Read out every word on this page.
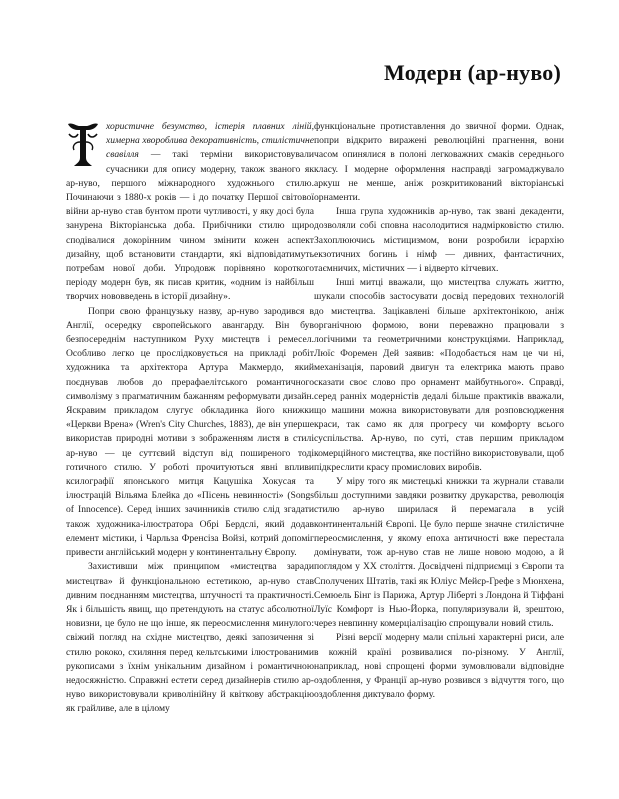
Модерн (ар-нуво)

хористичне безумство, істерія плавних ліній, химерна хвороблива декоративність, стилістичне свавілля — такі терміни використовували сучасники для опису модерну, також званого як ар-нуво, першого міжнародного художнього стилю. Починаючи з 1880-х років — і до початку Першої світової війни ар-нуво став бунтом проти чутливості, у яку досі була занурена Вікторіанська доба. Прибічники стилю щиро сподівалися докорінним чином змінити кожен аспект дизайну, щоб встановити стандарти, які відповідатимуть потребам нової доби. Упродовж порівняно короткого періоду модерн був, як писав критик, «одним із найбільш творчих нововведень в історії дизайну».

Попри свою французьку назву, ар-нуво зародився в Англії, осередку європейського авангарду. Він був безпосереднім наступником Руху мистецтв і ремесел. Особливо легко це прослідковується на прикладі робіт художника та архітектора Артура Макмердо, який поєднував любов до прерафаелітського романтичного символізму з прагматичним бажанням реформувати дизайн. Яскравим прикладом слугує обкладинка його книжки «Церкви Врена» (Wren's City Churches, 1883), де він уперше використав природні мотиви з зображенням листя в стилі ар-нуво — це суттєвий відступ від поширеного тоді готичного стилю. У роботі прочитуються явні впливи ксилографії японського митця Кацушіка Хокусая та ілюстрацій Вільяма Блейка до «Пісень невинності» (Songs of Innocence). Серед інших зачинників стилю слід згадати також художника-ілюстратора Обрі Бердслі, який додав елемент містики, і Чарльза Френсіза Войзі, котрий допоміг привести англійський модерн у континентальну Європу.

Захистивши між принципом «мистецтва заради мистецтва» й функціональною естетикою, ар-нуво став дивним поєднанням мистецтва, штучності та практичності. Як і більшість явищ, що претендують на статус абсолютної новизни, це було не що інше, як переосмислення минулого: свіжий погляд на східне мистецтво, деякі запозичення зі стилю рококо, схиляння перед кельтськими ілюстрованими рукописами з їхнім унікальним дизайном і романтичною недосяжністю. Справжні естети серед дизайнерів стилю ар-нуво використовували криволінійну й квіткову абстракцію як грайливе, але в цілому

функціональне протиставлення до звичної форми. Однак, попри відкрито виражені революційні прагнення, вони часом опинялися в полоні легковажних смаків середнього класу. І модерне оформлення насправді загромаджувало аркуш не менше, аніж розкритикований вікторіанські орнаменти.

Інша група художників ар-нуво, так звані декаденти, дозволяли собі сповна насолодитися надмірковістю стилю. Захоплюючись містицизмом, вони розробили ієрархію екзотичних богинь і німф — дивних, фантастичних, таємничих, містичних — і відверто кітчевих.

Інші митці вважали, що мистецтва служать життю, шукали способів застосувати досвід передових технологій до мистецтва. Зацікавлені більше архітектонікою, аніж органічною формою, вони переважно працювали з логічними та геометричними конструкціями. Наприклад, Люїс Форемен Дей заявив: «Подобається нам це чи ні, механізація, паровий двигун та електрика мають право сказати своє слово про орнамент майбутнього». Справді, серед ранніх модерністів дедалі більше практиків вважали, що машини можна використовувати для розповсюдження краси, так само як для прогресу чи комфорту всього суспільства. Ар-нуво, по суті, став першим прикладом комерційного мистецтва, яке постійно використовували, щоб підкреслити красу промислових виробів.

У міру того як мистецькі книжки та журнали ставали більш доступними завдяки розвитку друкарства, революція стилю ар-нуво ширилася й перемагала в усій континентальній Європі. Це було перше значне стилістичне переосмислення, у якому епоха античності вже перестала домінувати, тож ар-нуво став не лише новою модою, а й поглядом у XX століття. Досвідчені підприємці з Європи та Сполучених Штатів, такі як Юліус Мейєр-Грефе з Мюнхена, Семюель Бінг із Парижа, Артур Ліберті з Лондона й Тіффані Луїс Комфорт із Нью-Йорка, популяризували й, зрештою, через невпинну комерціалізацію спрощували новий стиль.

Різні версії модерну мали спільні характерні риси, але в кожній країні розвивалися по-різному. У Англії, наприклад, нові спрощені форми зумовлювали відповідне оздоблення, у Франції ар-нуво розвився з відчуття того, що оздоблення диктувало форму.
